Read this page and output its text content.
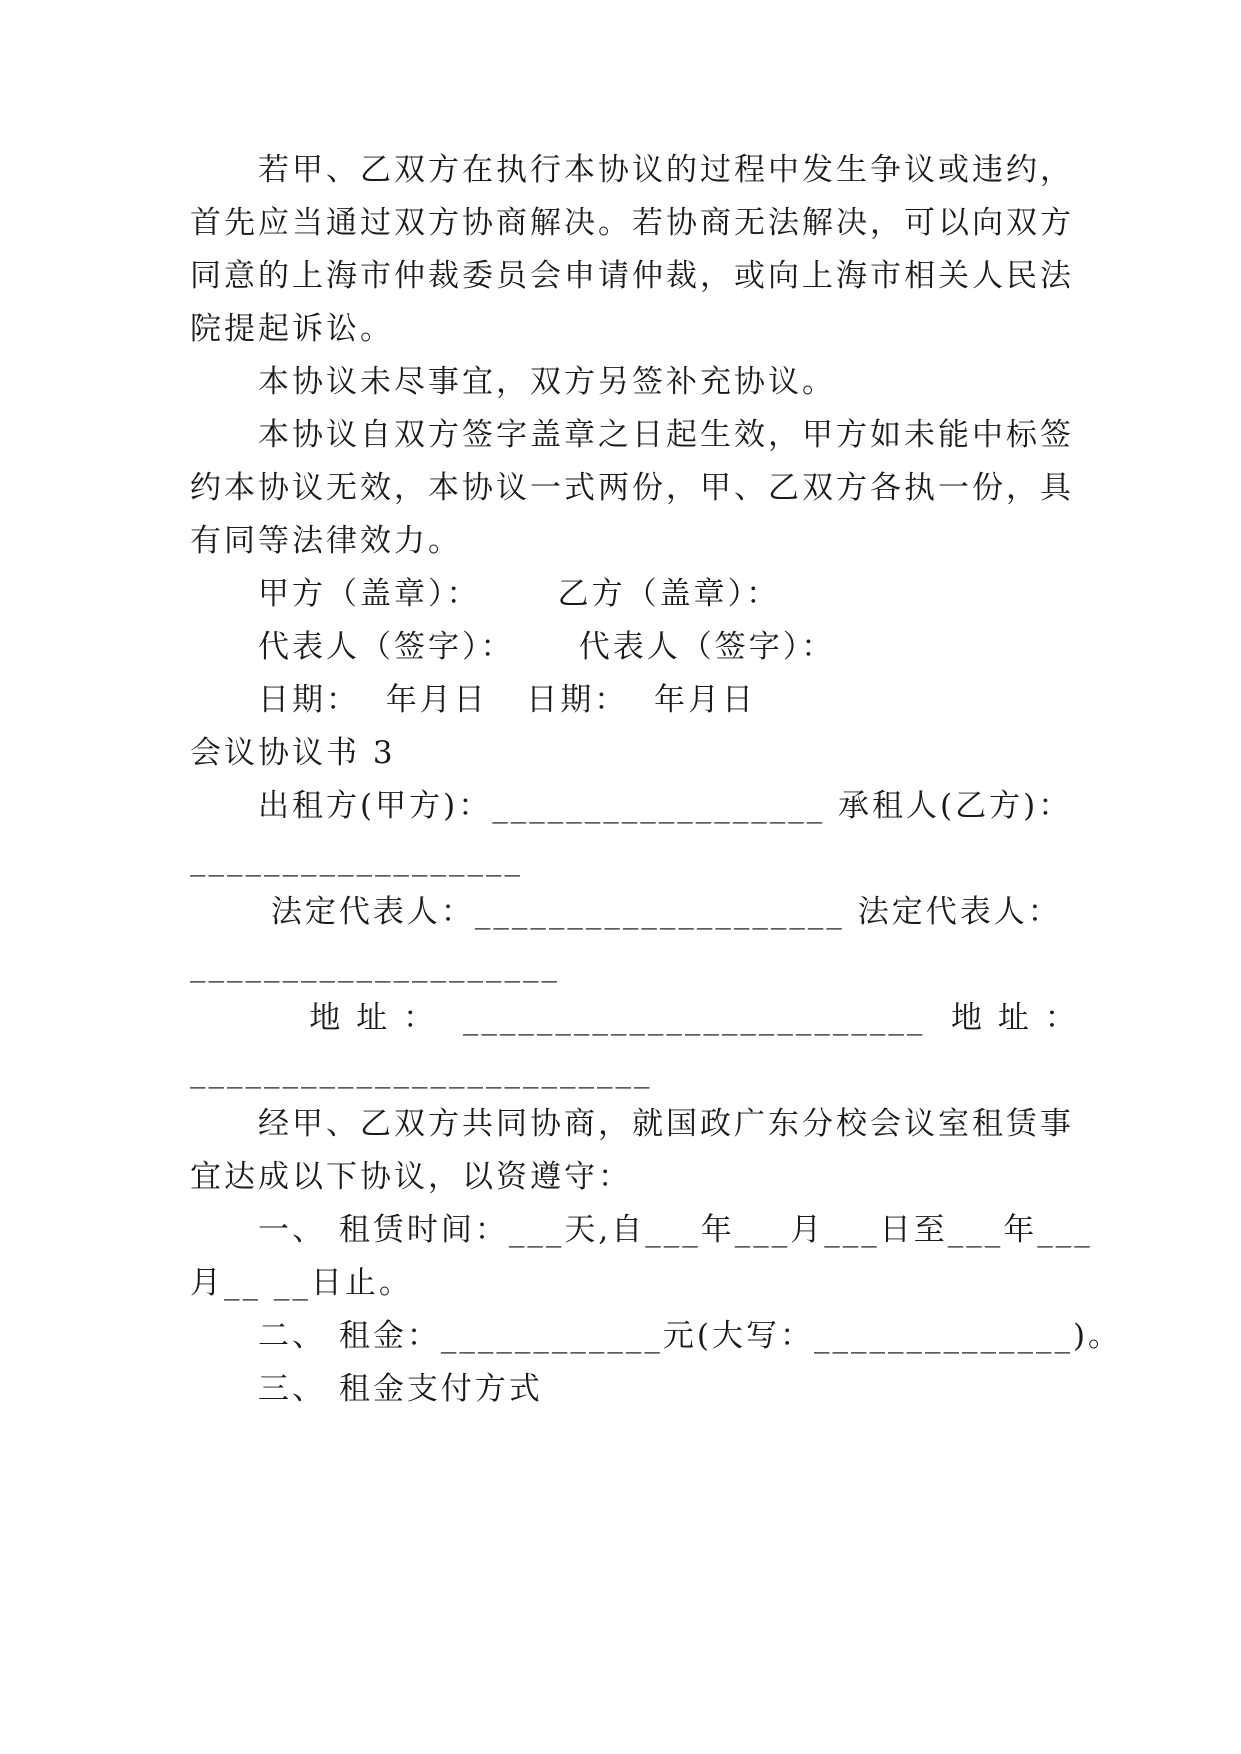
若甲、乙双方在执行本协议的过程中发生争议或违约，
首先应当通过双方协商解决。若协商无法解决，可以向双方
同意的上海市仲裁委员会申请仲裁，或向上海市相关人民法
院提起诉讼。
本协议未尽事宜，双方另签补充协议。
本协议自双方签字盖章之日起生效，甲方如未能中标签
约本协议无效，本协议一式两份，甲、乙双方各执一份，具
有同等法律效力。
甲方（盖章）：      乙方（盖章）：
代表人（签字）：     代表人（签字）：
日期：  年月日   日期：  年月日
会议协议书 3
出租方(甲方)：__________________ 承租人(乙方)：
__________________
法定代表人：____________________ 法定代表人：
____________________
地 址 ：  _________________________  地 址 ：
_________________________
经甲、乙双方共同协商，就国政广东分校会议室租赁事
宜达成以下协议，以资遵守：
一、 租赁时间：___天,自___年___月___日至___年___
月__ __日止。
二、 租金：____________元(大写：______________)。
三、 租金支付方式
